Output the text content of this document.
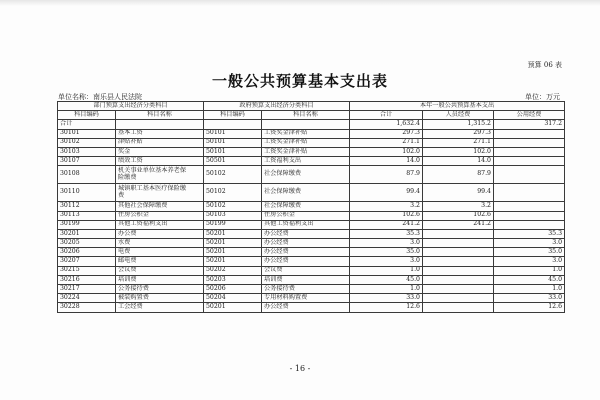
预算 06 表
一般公共预算基本支出表
单位名称：南乐县人民法院	单位：万元
部门预算支出经济分类科目		政府预算支出经济分类科目		本年一般公共预算基本支出		
科目编码	科目名称	科目编码	科目名称	合计	人员经费	公用经费
合计				1,632.4	1,315.2	317.2
30101	基本工资	50101	工资奖金津补贴	297.3	297.3	
30102	津贴补贴	50101	工资奖金津补贴	271.1	271.1	
30103	奖金	50101	工资奖金津补贴	102.0	102.0	
30107	绩效工资	50501	工资福利支出	14.0	14.0	
30108	机关事业单位基本养老保
险缴费	50102	社会保障缴费	87.9	87.9	
30110	城镇职工基本医疗保险缴
费	50102	社会保障缴费	99.4	99.4	
30112	其他社会保障缴费	50102	社会保障缴费	3.2	3.2	
30113	住房公积金	50103	住房公积金	102.6	102.6	
30199	其他工资福利支出	50199	其他工资福利支出	241.2	241.2	
30201	办公费	50201	办公经费	35.3		35.3
30205	水费	50201	办公经费	3.0		3.0
30206	电费	50201	办公经费	35.0		35.0
30207	邮电费	50201	办公经费	3.0		3.0
30215	会议费	50202	会议费	1.0		1.0
30216	培训费	50203	培训费	45.0		45.0
30217	公务接待费	50206	公务接待费	1.0		1.0
30224	被装购置费	50204	专用材料购置费	33.0		33.0
30228	工会经费	50201	办公经费	12.6		12.6
- 16 -
